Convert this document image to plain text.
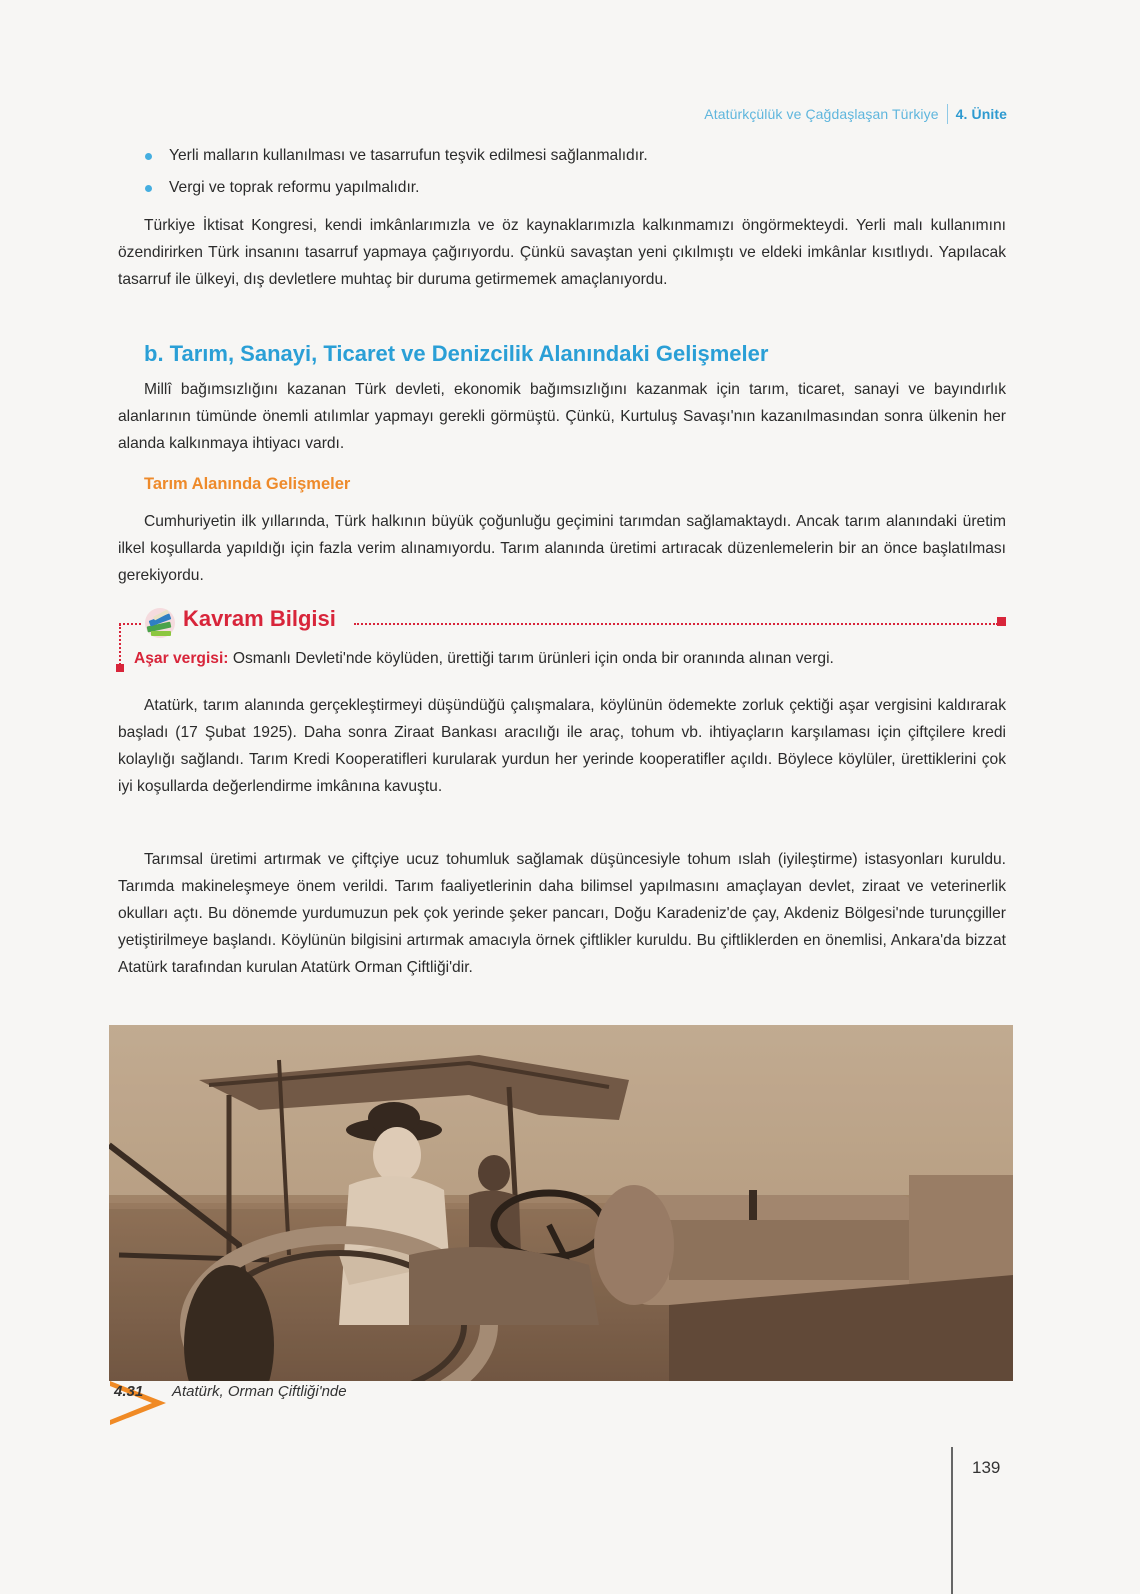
Atatürkçülük ve Çağdaşlaşan Türkiye 4. Ünite
Yerli malların kullanılması ve tasarrufun teşvik edilmesi sağlanmalıdır.
Vergi ve toprak reformu yapılmalıdır.

Türkiye İktisat Kongresi, kendi imkânlarımızla ve öz kaynaklarımızla kalkınmamızı öngörmekteydi. Yerli malı kullanımını özendirirken Türk insanını tasarruf yapmaya çağırıyordu. Çünkü savaştan yeni çıkılmıştı ve eldeki imkânlar kısıtlıydı. Yapılacak tasarruf ile ülkeyi, dış devletlere muhtaç bir duruma getirmemek amaçlanıyordu.

b. Tarım, Sanayi, Ticaret ve Denizcilik Alanındaki Gelişmeler

Millî bağımsızlığını kazanan Türk devleti, ekonomik bağımsızlığını kazanmak için tarım, ticaret, sanayi ve bayındırlık alanlarının tümünde önemli atılımlar yapmayı gerekli görmüştü. Çünkü, Kurtuluş Savaşı'nın kazanılmasından sonra ülkenin her alanda kalkınmaya ihtiyacı vardı.

Tarım Alanında Gelişmeler

Cumhuriyetin ilk yıllarında, Türk halkının büyük çoğunluğu geçimini tarımdan sağlamaktaydı. Ancak tarım alanındaki üretim ilkel koşullarda yapıldığı için fazla verim alınamıyordu. Tarım alanında üretimi artıracak düzenlemelerin bir an önce başlatılması gerekiyordu.

Kavram Bilgisi
Aşar vergisi: Osmanlı Devleti'nde köylüden, ürettiği tarım ürünleri için onda bir oranında alınan vergi.

Atatürk, tarım alanında gerçekleştirmeyi düşündüğü çalışmalara, köylünün ödemekte zorluk çektiği aşar vergisini kaldırarak başladı (17 Şubat 1925). Daha sonra Ziraat Bankası aracılığı ile araç, tohum vb. ihtiyaçların karşılaması için çiftçilere kredi kolaylığı sağlandı. Tarım Kredi Kooperatifleri kurularak yurdun her yerinde kooperatifler açıldı. Böylece köylüler, ürettiklerini çok iyi koşullarda değerlendirme imkânına kavuştu.

Tarımsal üretimi artırmak ve çiftçiye ucuz tohumluk sağlamak düşüncesiyle tohum ıslah (iyileştirme) istasyonları kuruldu. Tarımda makineleşmeye önem verildi. Tarım faaliyetlerinin daha bilimsel yapılmasını amaçlayan devlet, ziraat ve veterinerlik okulları açtı. Bu dönemde yurdumuzun pek çok yerinde şeker pancarı, Doğu Karadeniz'de çay, Akdeniz Bölgesi'nde turunçgiller yetiştirilmeye başlandı. Köylünün bilgisini artırmak amacıyla örnek çiftlikler kuruldu. Bu çiftliklerden en önemlisi, Ankara'da bizzat Atatürk tarafından kurulan Atatürk Orman Çiftliği'dir.

4.31 Atatürk, Orman Çiftliği'nde
139
